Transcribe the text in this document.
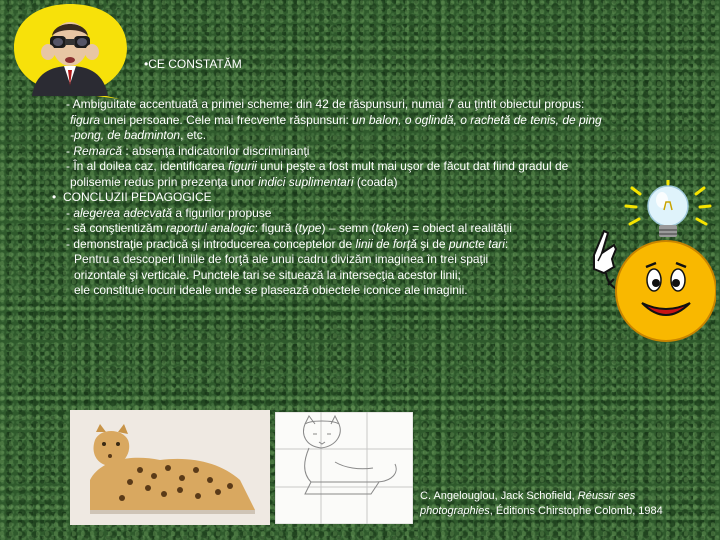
•CE CONSTATĂM

- Ambiguitate accentuată a primei scheme: din 42 de răspunsuri, numai 7 au ţintit obiectul propus:

figura unei persoane. Cele mai frecvente răspunsuri: un balon, o oglindă, o rachetă de tenis, de ping

-pong, de badminton, etc.

- Remarcă : absenţa indicatorilor discriminanţi

- În al doilea caz, identificarea figurii unui peşte a fost mult mai uşor de făcut dat fiind gradul de

polisemie redus prin prezenţa unor indici suplimentari (coada)

• CONCLUZII PEDAGOGICE

- alegerea adecvată a figurilor propuse

- să conştientizăm raportul analogic: figură (type) – semn (token) = obiect al realităţii

- demonstraţie practică şi introducerea conceptelor de linii de forţă şi de puncte tari:

Pentru a descoperi liniile de forţă ale unui cadru divizăm imaginea în trei spaţii

orizontale şi verticale. Punctele tari se situează la intersecţia acestor linii;

ele constituie locuri ideale unde se plasează obiectele iconice ale imaginii.

C. Angelouglou, Jack Schofield, Réussir ses photographies, Éditions Chirstophe Colomb, 1984
